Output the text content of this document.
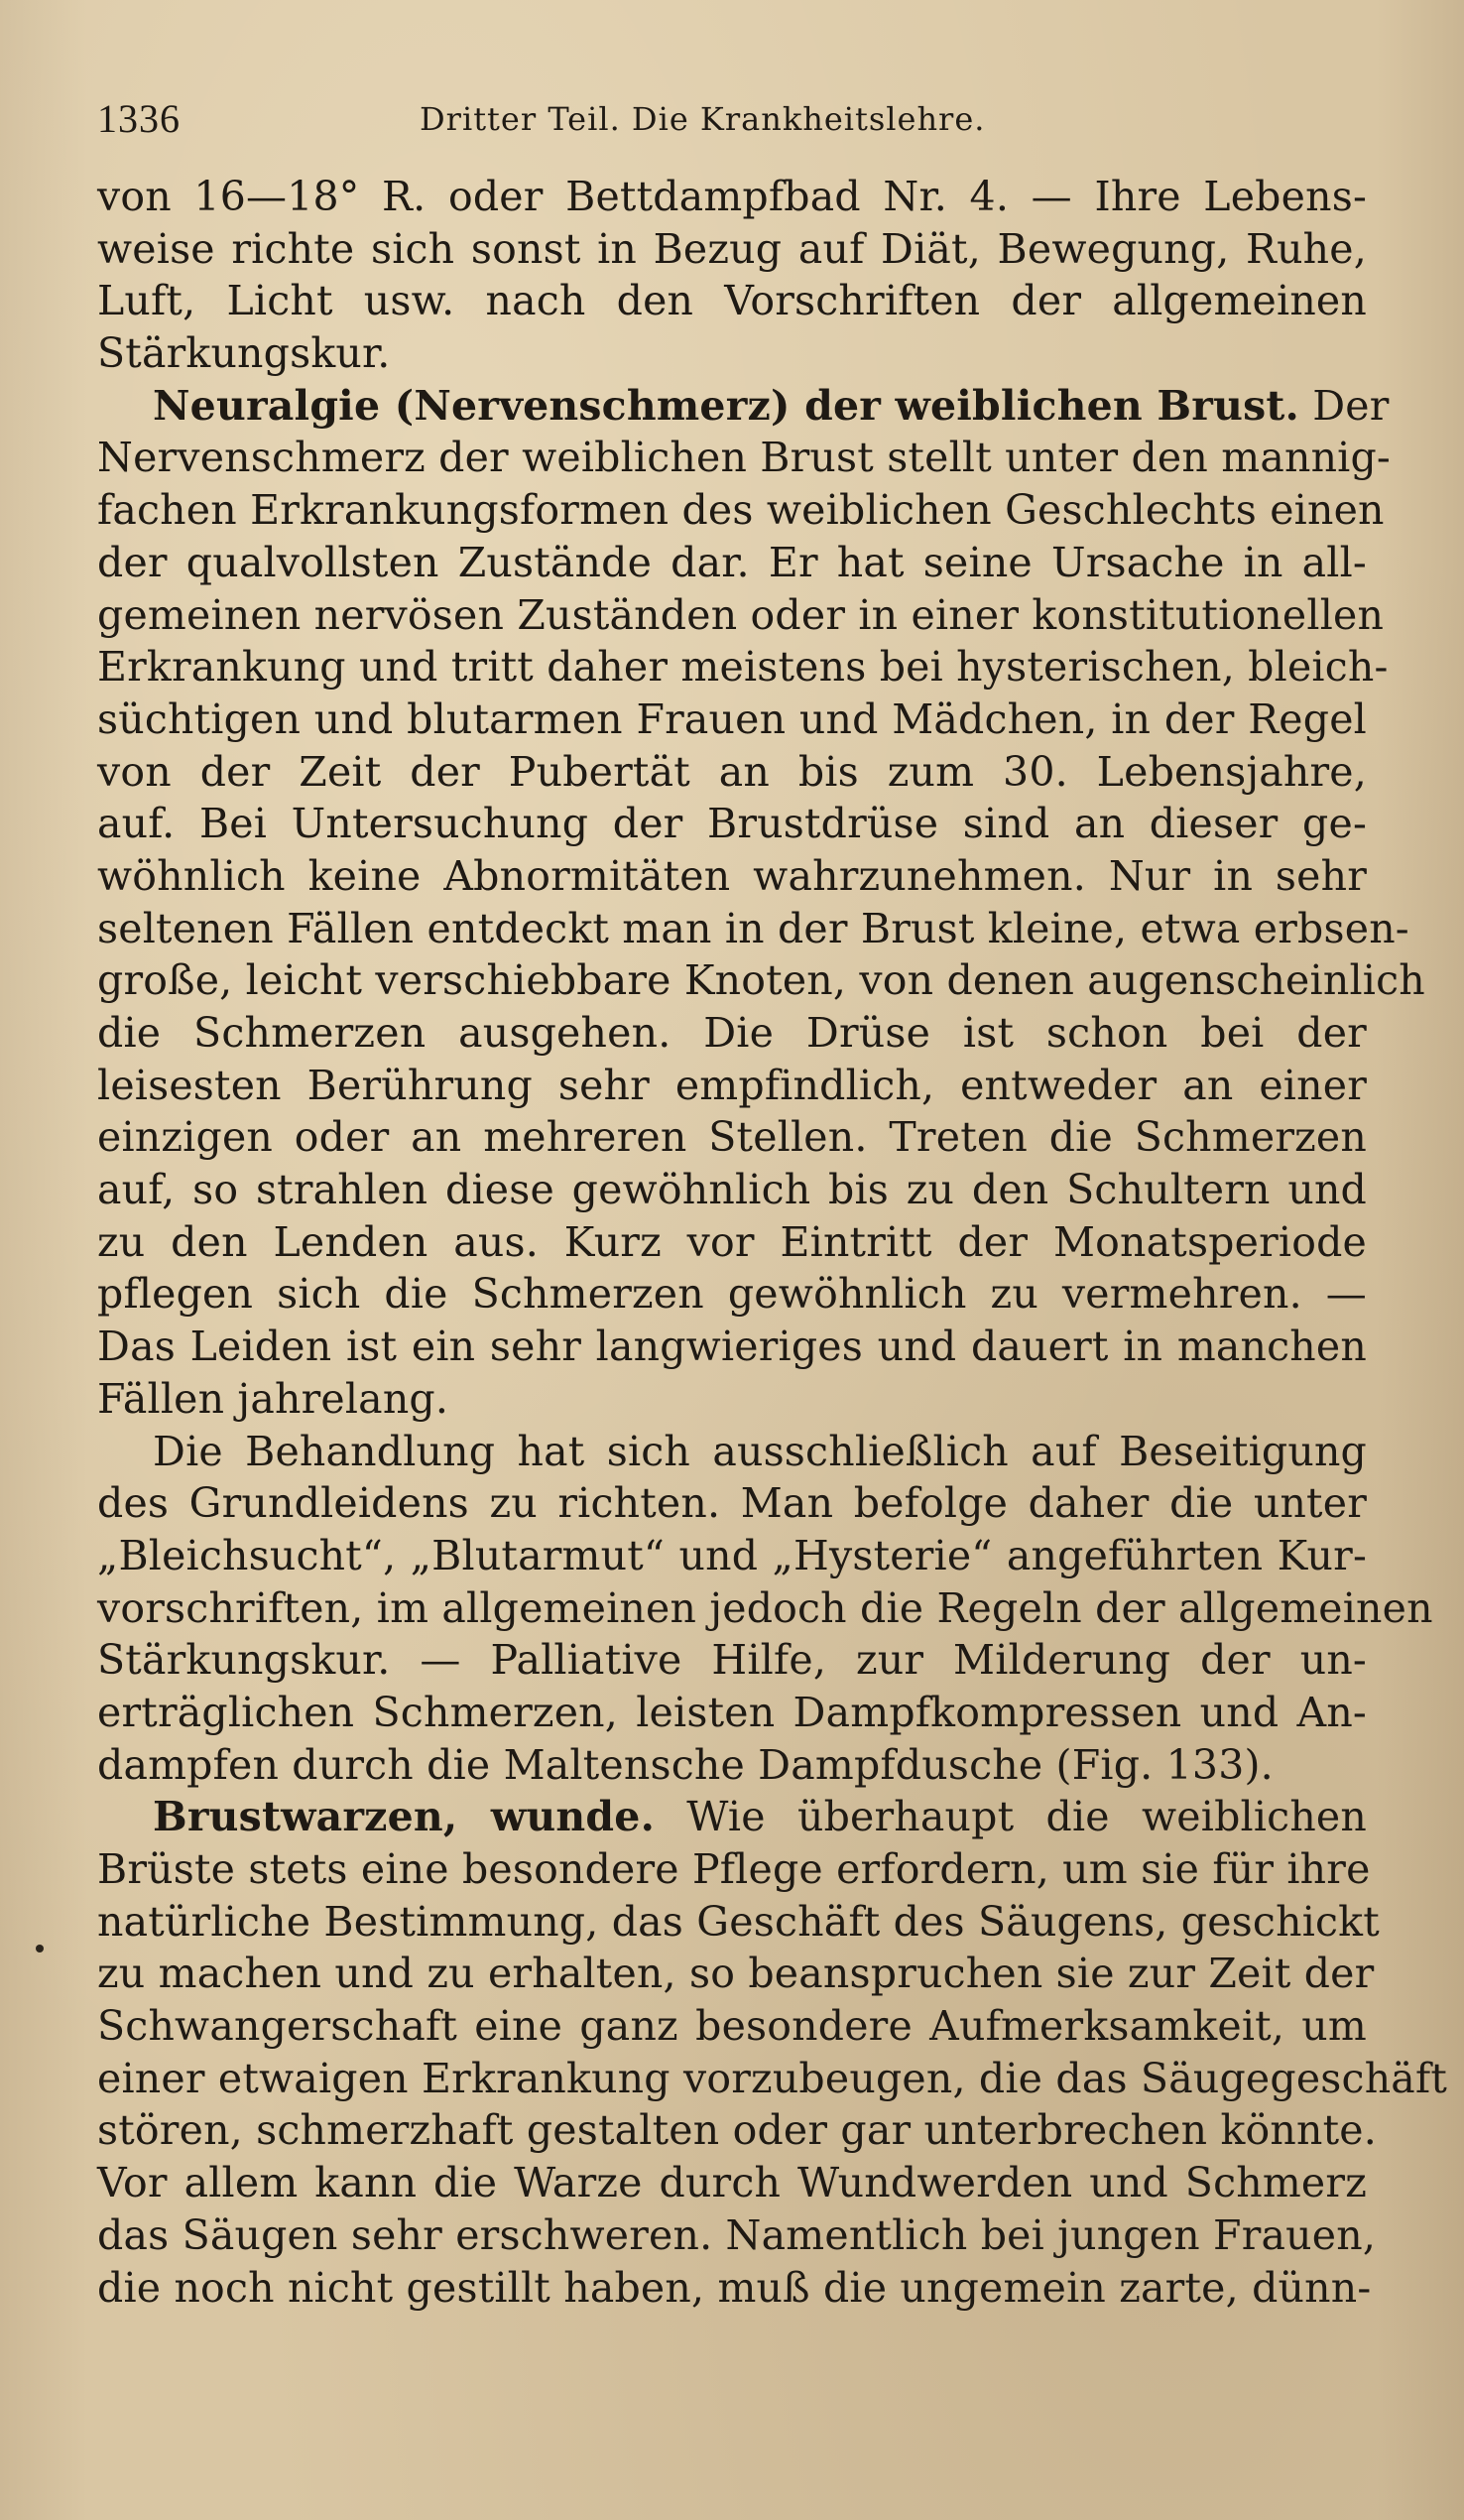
1336	Dritter Teil. Die Krankheitslehre.
von 16—18° R. oder Bettdampfbad Nr. 4. — Ihre Lebens-
weise richte sich sonst in Bezug auf Diät, Bewegung, Ruhe,
Luft, Licht usw. nach den Vorschriften der allgemeinen
Stärkungskur.
Neuralgie (Nervenschmerz) der weiblichen Brust. Der
Nervenschmerz der weiblichen Brust stellt unter den mannig-
fachen Erkrankungsformen des weiblichen Geschlechts einen
der qualvollsten Zustände dar. Er hat seine Ursache in all-
gemeinen nervösen Zuständen oder in einer konstitutionellen
Erkrankung und tritt daher meistens bei hysterischen, bleich-
süchtigen und blutarmen Frauen und Mädchen, in der Regel
von der Zeit der Pubertät an bis zum 30. Lebensjahre,
auf. Bei Untersuchung der Brustdrüse sind an dieser ge-
wöhnlich keine Abnormitäten wahrzunehmen. Nur in sehr
seltenen Fällen entdeckt man in der Brust kleine, etwa erbsen-
große, leicht verschiebbare Knoten, von denen augenscheinlich
die Schmerzen ausgehen. Die Drüse ist schon bei der
leisesten Berührung sehr empfindlich, entweder an einer
einzigen oder an mehreren Stellen. Treten die Schmerzen
auf, so strahlen diese gewöhnlich bis zu den Schultern und
zu den Lenden aus. Kurz vor Eintritt der Monatsperiode
pflegen sich die Schmerzen gewöhnlich zu vermehren. —
Das Leiden ist ein sehr langwieriges und dauert in manchen
Fällen jahrelang.
Die Behandlung hat sich ausschließlich auf Beseitigung
des Grundleidens zu richten. Man befolge daher die unter
„Bleichsucht“, „Blutarmut“ und „Hysterie“ angeführten Kur-
vorschriften, im allgemeinen jedoch die Regeln der allgemeinen
Stärkungskur. — Palliative Hilfe, zur Milderung der un-
erträglichen Schmerzen, leisten Dampfkompressen und An-
dampfen durch die Maltensche Dampfdusche (Fig. 133).
Brustwarzen, wunde. Wie überhaupt die weiblichen
Brüste stets eine besondere Pflege erfordern, um sie für ihre
natürliche Bestimmung, das Geschäft des Säugens, geschickt
zu machen und zu erhalten, so beanspruchen sie zur Zeit der
Schwangerschaft eine ganz besondere Aufmerksamkeit, um
einer etwaigen Erkrankung vorzubeugen, die das Säugegeschäft
stören, schmerzhaft gestalten oder gar unterbrechen könnte.
Vor allem kann die Warze durch Wundwerden und Schmerz
das Säugen sehr erschweren. Namentlich bei jungen Frauen,
die noch nicht gestillt haben, muß die ungemein zarte, dünn-
